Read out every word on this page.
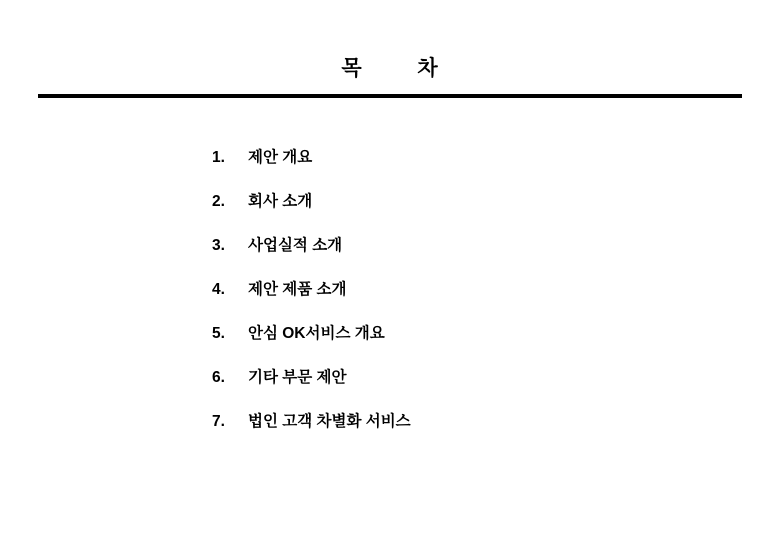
목        차
1.	제안 개요
2.	회사 소개
3.	사업실적 소개
4.	제안 제품 소개
5.	안심 OK서비스 개요
6.	기타 부문 제안
7.	법인 고객 차별화 서비스
